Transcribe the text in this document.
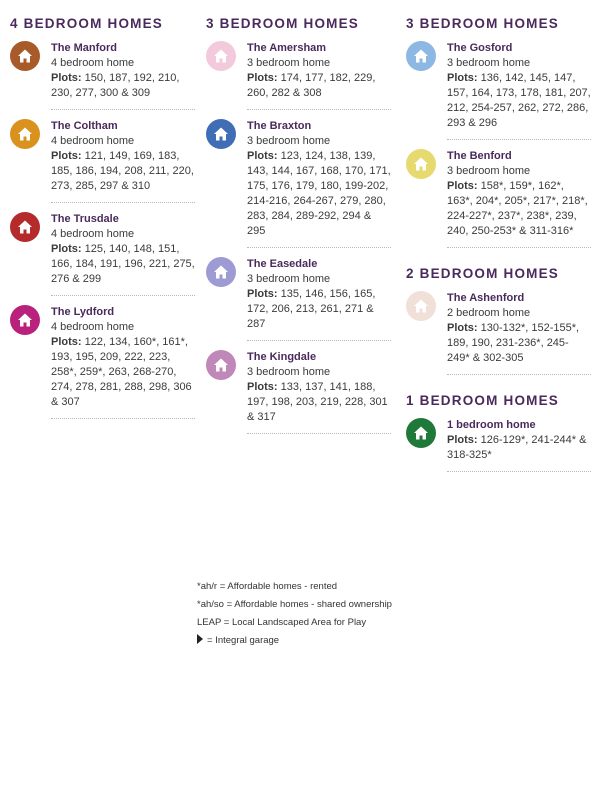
4 BEDROOM HOMES
The Manford
4 bedroom home
Plots: 150, 187, 192, 210, 230, 277, 300 & 309
The Coltham
4 bedroom home
Plots: 121, 149, 169, 183, 185, 186, 194, 208, 211, 220, 273, 285, 297 & 310
The Trusdale
4 bedroom home
Plots: 125, 140, 148, 151, 166, 184, 191, 196, 221, 275, 276 & 299
The Lydford
4 bedroom home
Plots: 122, 134, 160*, 161*, 193, 195, 209, 222, 223, 258*, 259*, 263, 268-270, 274, 278, 281, 288, 298, 306 & 307
3 BEDROOM HOMES
The Amersham
3 bedroom home
Plots: 174, 177, 182, 229, 260, 282 & 308
The Braxton
3 bedroom home
Plots: 123, 124, 138, 139, 143, 144, 167, 168, 170, 171, 175, 176, 179, 180, 199-202, 214-216, 264-267, 279, 280, 283, 284, 289-292, 294 & 295
The Easedale
3 bedroom home
Plots: 135, 146, 156, 165, 172, 206, 213, 261, 271 & 287
The Kingdale
3 bedroom home
Plots: 133, 137, 141, 188, 197, 198, 203, 219, 228, 301 & 317
3 BEDROOM HOMES
The Gosford
3 bedroom home
Plots: 136, 142, 145, 147, 157, 164, 173, 178, 181, 207, 212, 254-257, 262, 272, 286, 293 & 296
The Benford
3 bedroom home
Plots: 158*, 159*, 162*, 163*, 204*, 205*, 217*, 218*, 224-227*, 237*, 238*, 239, 240, 250-253* & 311-316*
2 BEDROOM HOMES
The Ashenford
2 bedroom home
Plots: 130-132*, 152-155*, 189, 190, 231-236*, 245-249* & 302-305
1 BEDROOM HOMES
1 bedroom home
Plots: 126-129*, 241-244* & 318-325*
*ah/r = Affordable homes - rented
*ah/so = Affordable homes - shared ownership
LEAP = Local Landscaped Area for Play
= Integral garage
